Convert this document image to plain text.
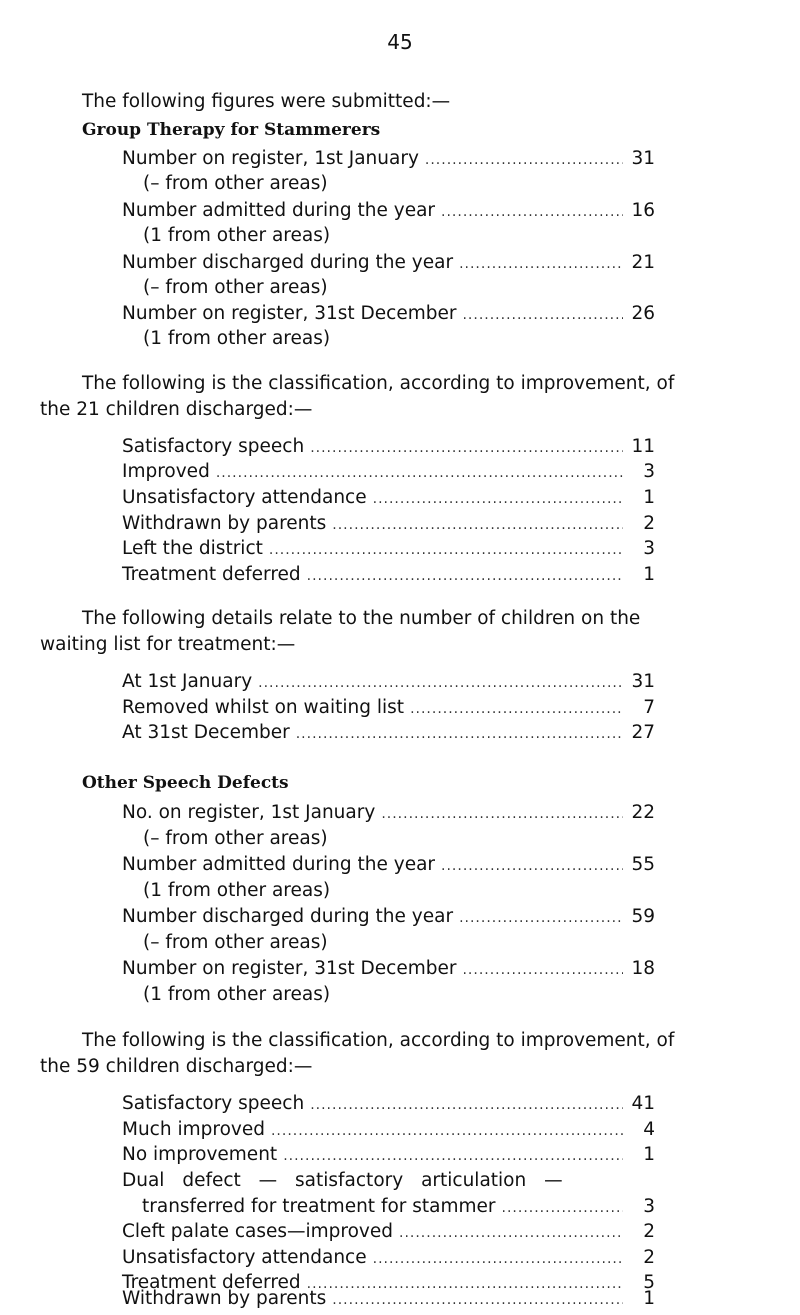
45
The following figures were submitted:—
Group Therapy for Stammerers
Number on register, 1st January .....	31
(– from other areas)
Number admitted during the year .....	16
(1 from other areas)
Number discharged during the year .....	21
(– from other areas)
Number on register, 31st December .....	26
(1 from other areas)
The following is the classification, according to improvement, of
the 21 children discharged:—
Satisfactory speech .....	11
Improved .....	3
Unsatisfactory attendance .....	1
Withdrawn by parents .....	2
Left the district .....	3
Treatment deferred .....	1
The following details relate to the number of children on the
waiting list for treatment:—
At 1st January .....	31
Removed whilst on waiting list .....	7
At 31st December .....	27
Other Speech Defects
No. on register, 1st January .....	22
(– from other areas)
Number admitted during the year .....	55
(1 from other areas)
Number discharged during the year .....	59
(– from other areas)
Number on register, 31st December .....	18
(1 from other areas)
The following is the classification, according to improvement, of
the 59 children discharged:—
Satisfactory speech .....	41
Much improved .....	4
No improvement .....	1
Dual defect — satisfactory articulation —
transferred for treatment for stammer .....	3
Cleft palate cases—improved .....	2
Unsatisfactory attendance .....	2
Treatment deferred .....	5
Withdrawn by parents .....	1
